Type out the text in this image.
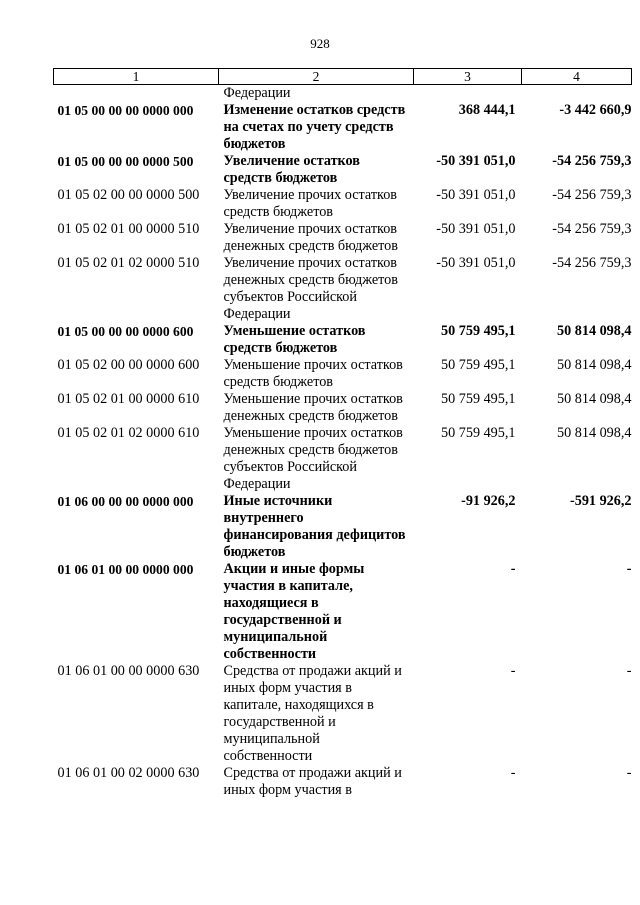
928
1	2	3	4
	Федерации		
01 05 00 00 00 0000 000	Изменение остатков средств на счетах по учету средств бюджетов	368 444,1	-3 442 660,9
01 05 00 00 00 0000 500	Увеличение остатков средств бюджетов	-50 391 051,0	-54 256 759,3
01 05 02 00 00 0000 500	Увеличение прочих остатков средств бюджетов	-50 391 051,0	-54 256 759,3
01 05 02 01 00 0000 510	Увеличение прочих остатков денежных средств бюджетов	-50 391 051,0	-54 256 759,3
01 05 02 01 02 0000 510	Увеличение прочих остатков денежных средств бюджетов субъектов Российской Федерации	-50 391 051,0	-54 256 759,3
01 05 00 00 00 0000 600	Уменьшение остатков средств бюджетов	50 759 495,1	50 814 098,4
01 05 02 00 00 0000 600	Уменьшение прочих остатков средств бюджетов	50 759 495,1	50 814 098,4
01 05 02 01 00 0000 610	Уменьшение прочих остатков денежных средств бюджетов	50 759 495,1	50 814 098,4
01 05 02 01 02 0000 610	Уменьшение прочих остатков денежных средств бюджетов субъектов Российской Федерации	50 759 495,1	50 814 098,4
01 06 00 00 00 0000 000	Иные источники внутреннего финансирования дефицитов бюджетов	-91 926,2	-591 926,2
01 06 01 00 00 0000 000	Акции и иные формы участия в капитале, находящиеся в государственной и муниципальной собственности	-	-
01 06 01 00 00 0000 630	Средства от продажи акций и иных форм участия в капитале, находящихся в государственной и муниципальной собственности	-	-
01 06 01 00 02 0000 630	Средства от продажи акций и иных форм участия в	-	-
